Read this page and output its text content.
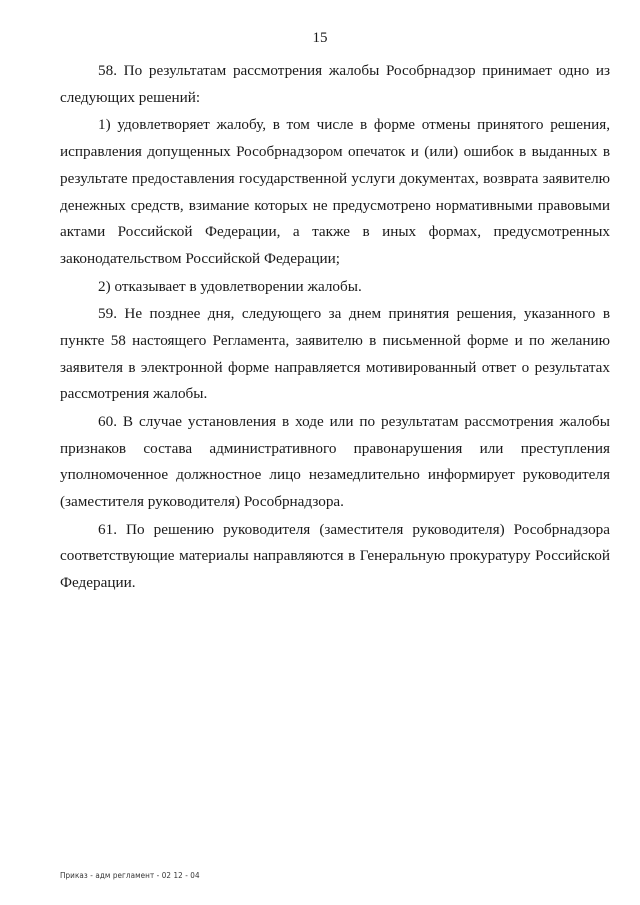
15

58. По результатам рассмотрения жалобы Рособрнадзор принимает одно из следующих решений:

1) удовлетворяет жалобу, в том числе в форме отмены принятого решения, исправления допущенных Рособрнадзором опечаток и (или) ошибок в выданных в результате предоставления государственной услуги документах, возврата заявителю денежных средств, взимание которых не предусмотрено нормативными правовыми актами Российской Федерации, а также в иных формах, предусмотренных законодательством Российской Федерации;

2) отказывает в удовлетворении жалобы.

59. Не позднее дня, следующего за днем принятия решения, указанного в пункте 58 настоящего Регламента, заявителю в письменной форме и по желанию заявителя в электронной форме направляется мотивированный ответ о результатах рассмотрения жалобы.

60. В случае установления в ходе или по результатам рассмотрения жалобы признаков состава административного правонарушения или преступления уполномоченное должностное лицо незамедлительно информирует руководителя (заместителя руководителя) Рособрнадзора.

61. По решению руководителя (заместителя руководителя) Рособрнадзора соответствующие материалы направляются в Генеральную прокуратуру Российской Федерации.

Приказ - адм регламент - 02 12 - 04
